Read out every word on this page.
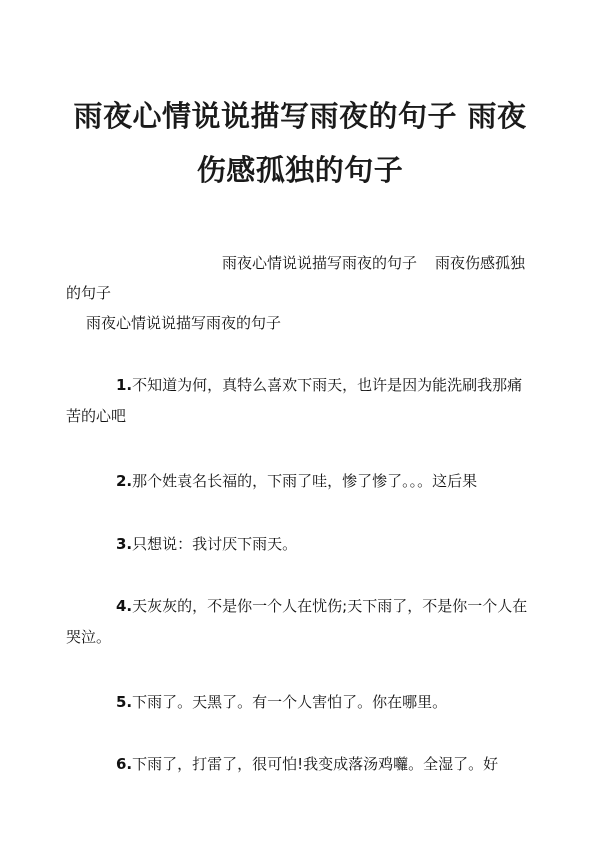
雨夜心情说说描写雨夜的句子 雨夜伤感孤独的句子

雨夜心情说说描写雨夜的句子 雨夜伤感孤独的句子

雨夜心情说说描写雨夜的句子

1.不知道为何，真特么喜欢下雨天，也许是因为能洗刷我那痛苦的心吧

2.那个姓袁名长福的，下雨了哇，惨了惨了。。。这后果

3.只想说：我讨厌下雨天。

4.天灰灰的，不是你一个人在忧伤;天下雨了，不是你一个人在哭泣。

5.下雨了。天黑了。有一个人害怕了。你在哪里。

6.下雨了，打雷了，很可怕!我变成落汤鸡囖。全湿了。好
